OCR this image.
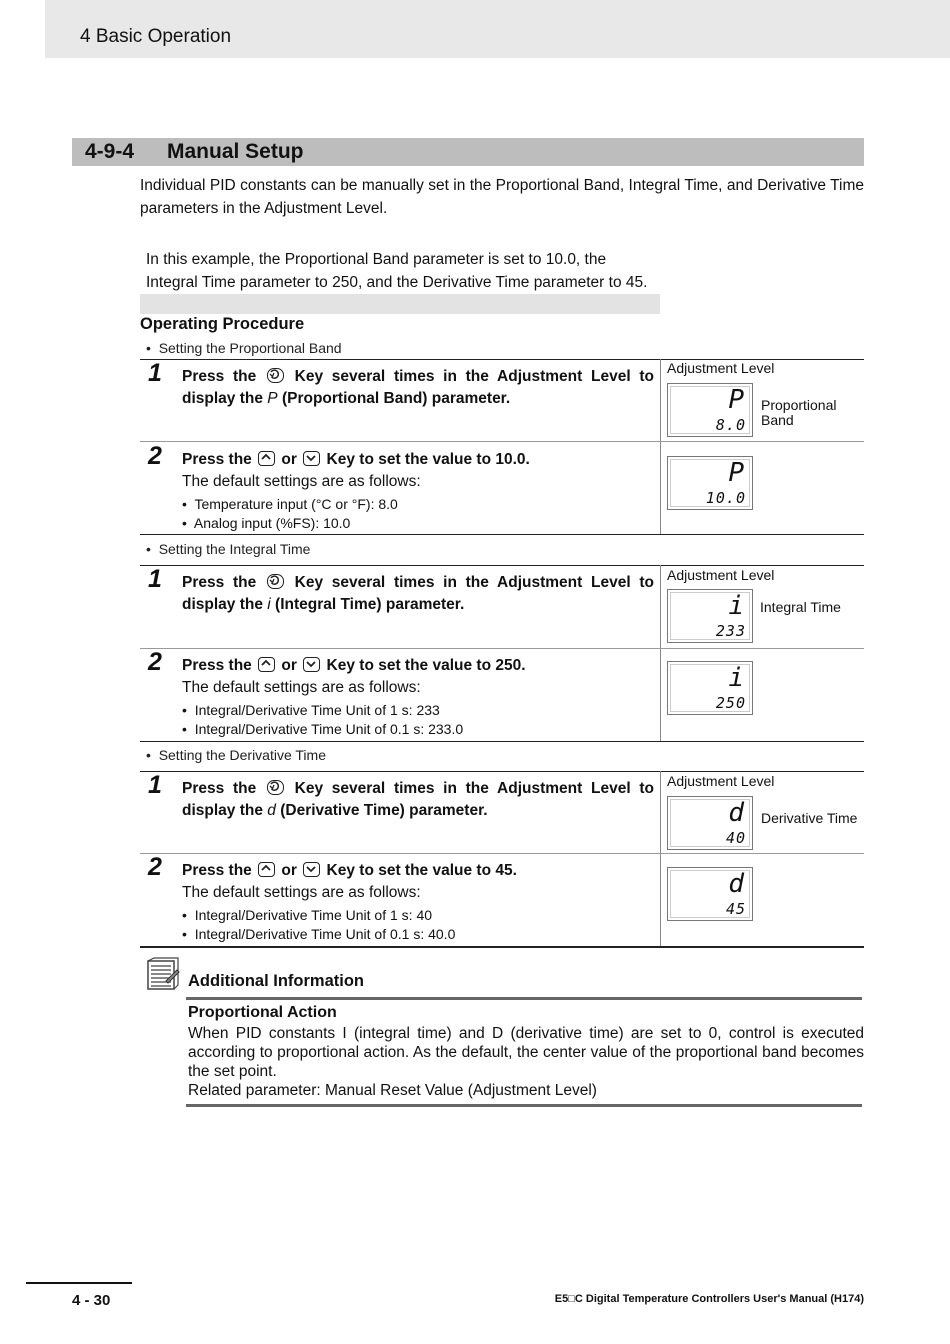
4 Basic Operation
4-9-4 Manual Setup
Individual PID constants can be manually set in the Proportional Band, Integral Time, and Derivative Time parameters in the Adjustment Level.
In this example, the Proportional Band parameter is set to 10.0, the Integral Time parameter to 250, and the Derivative Time parameter to 45.
Operating Procedure
•  Setting the Proportional Band
1 Press the Key several times in the Adjustment Level to display the P (Proportional Band) parameter.
Adjustment Level
P
8.0
Proportional Band
2 Press the or Key to set the value to 10.0.
The default settings are as follows:
•  Temperature input (°C or °F): 8.0
•  Analog input (%FS): 10.0
P
10.0
•  Setting the Integral Time
1 Press the Key several times in the Adjustment Level to display the i (Integral Time) parameter.
Adjustment Level
i
233
Integral Time
2 Press the or Key to set the value to 250.
The default settings are as follows:
•  Integral/Derivative Time Unit of 1 s: 233
•  Integral/Derivative Time Unit of 0.1 s: 233.0
i
250
•  Setting the Derivative Time
1 Press the Key several times in the Adjustment Level to display the d (Derivative Time) parameter.
Adjustment Level
d
40
Derivative Time
2 Press the or Key to set the value to 45.
The default settings are as follows:
•  Integral/Derivative Time Unit of 1 s: 40
•  Integral/Derivative Time Unit of 0.1 s: 40.0
d
45
Additional Information
Proportional Action
When PID constants I (integral time) and D (derivative time) are set to 0, control is executed according to proportional action. As the default, the center value of the proportional band becomes the set point.
Related parameter: Manual Reset Value (Adjustment Level)
4 - 30	E5□C Digital Temperature Controllers User's Manual (H174)
